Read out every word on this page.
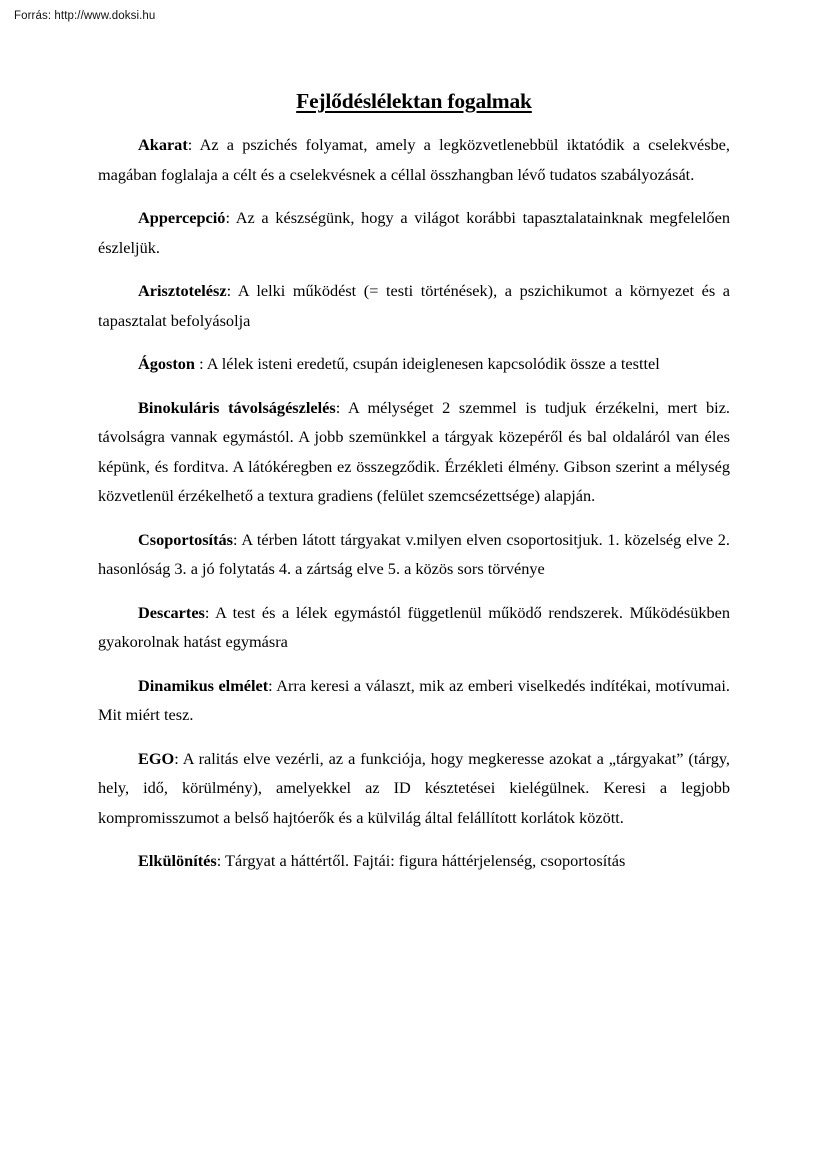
Forrás: http://www.doksi.hu
Fejlődéslélektan fogalmak

Akarat: Az a pszichés folyamat, amely a legközvetlenebbül iktatódik a cselekvésbe, magában foglalaja a célt és a cselekvésnek a céllal összhangban lévő tudatos szabályozását.

Appercepció: Az a készségünk, hogy a világot korábbi tapasztalatainknak megfelelően észleljük.

Arisztotelész: A lelki működést (= testi történések), a pszichikumot a környezet és a tapasztalat befolyásolja

Ágoston : A lélek isteni eredetű, csupán ideiglenesen kapcsolódik össze a testtel

Binokuláris távolságészlelés: A mélységet 2 szemmel is tudjuk érzékelni, mert biz. távolságra vannak egymástól. A jobb szemünkkel a tárgyak közepéről és bal oldaláról van éles képünk, és forditva. A látókéregben ez összegződik. Érzékleti élmény. Gibson szerint a mélység közvetlenül érzékelhető a textura gradiens (felület szemcsézettsége) alapján.

Csoportosítás: A térben látott tárgyakat v.milyen elven csoportositjuk. 1. közelség elve 2. hasonlóság 3. a jó folytatás 4. a zártság elve 5. a közös sors törvénye

Descartes: A test és a lélek egymástól függetlenül működő rendszerek. Működésükben gyakorolnak hatást egymásra

Dinamikus elmélet: Arra keresi a választ, mik az emberi viselkedés indítékai, motívumai. Mit miért tesz.

EGO: A ralitás elve vezérli, az a funkciója, hogy megkeresse azokat a „tárgyakat” (tárgy, hely, idő, körülmény), amelyekkel az ID késztetései kielégülnek. Keresi a legjobb kompromisszumot a belső hajtóerők és a külvilág által felállított korlátok között.

Elkülönítés: Tárgyat a háttértől. Fajtái: figura háttérjelenség, csoportosítás
